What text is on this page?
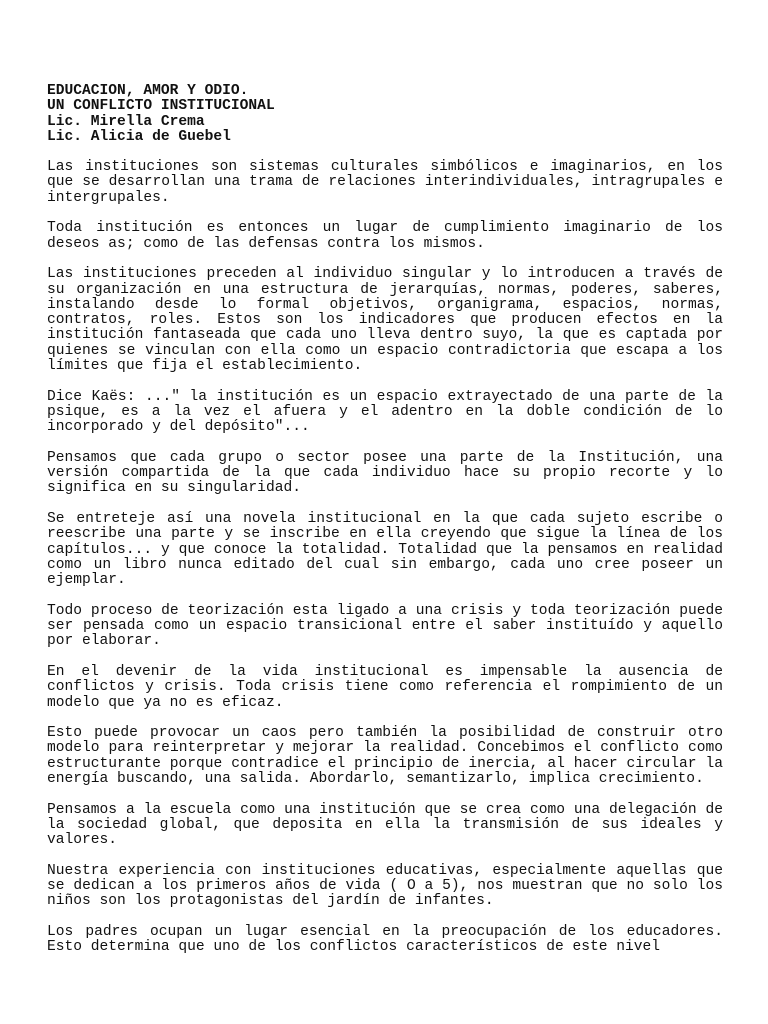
EDUCACION, AMOR Y ODIO.
UN CONFLICTO INSTITUCIONAL
Lic. Mirella Crema
Lic. Alicia de Guebel

Las instituciones son sistemas culturales simbólicos e imaginarios, en los que se desarrollan una trama de relaciones interindividuales, intragrupales e intergrupales.

Toda institución es entonces un lugar de cumplimiento imaginario de los deseos as; como de las defensas contra los mismos.

Las instituciones preceden al individuo singular y lo introducen a través de su organización en una estructura de jerarquías, normas, poderes, saberes, instalando desde lo formal objetivos, organigrama, espacios, normas, contratos, roles. Estos son los indicadores que producen efectos en la institución fantaseada que cada uno lleva dentro suyo, la que es captada por quienes se vinculan con ella como un espacio contradictoria que escapa a los límites que fija el establecimiento.

Dice Kaës: ..." la institución es un espacio extrayectado de una parte de la psique, es a la vez el afuera y el adentro en la doble condición de lo incorporado y del depósito"...

Pensamos que cada grupo o sector posee una parte de la Institución, una versión compartida de la que cada individuo hace su propio recorte y lo significa en su singularidad.

Se entreteje así una novela institucional en la que cada sujeto escribe o reescribe una parte y se inscribe en ella creyendo que sigue la línea de los capítulos... y que conoce la totalidad. Totalidad que la pensamos en realidad como un libro nunca editado del cual sin embargo, cada uno cree poseer un ejemplar.

Todo proceso de teorización esta ligado a una crisis y toda teorización puede ser pensada como un espacio transicional entre el saber instituído y aquello por elaborar.

En el devenir de la vida institucional es impensable la ausencia de conflictos y crisis. Toda crisis tiene como referencia el rompimiento de un modelo que ya no es eficaz.

Esto puede provocar un caos pero también la posibilidad de construir otro modelo para reinterpretar y mejorar la realidad. Concebimos el conflicto como estructurante porque contradice el principio de inercia, al hacer circular la energía buscando, una salida. Abordarlo, semantizarlo, implica crecimiento.

Pensamos a la escuela como una institución que se crea como una delegación de la sociedad global, que deposita en ella la transmisión de sus ideales y valores.

Nuestra experiencia con instituciones educativas, especialmente aquellas que se dedican a los primeros años de vida ( O a 5), nos muestran que no solo los niños son los protagonistas del jardín de infantes.

Los padres ocupan un lugar esencial en la preocupación de los educadores. Esto determina que uno de los conflictos característicos de este nivel
